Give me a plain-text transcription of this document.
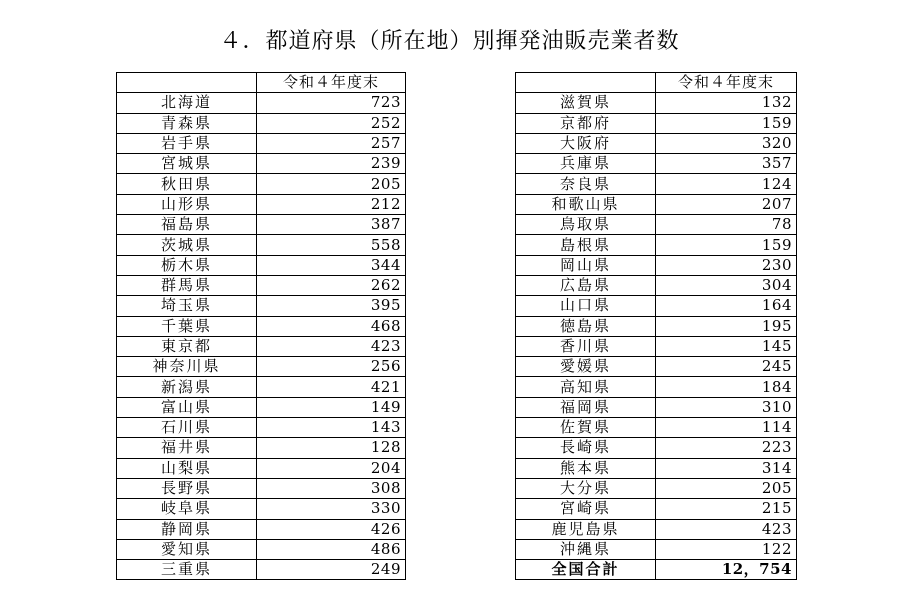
４．都道府県（所在地）別揮発油販売業者数
	令和４年度末
北海道	723
青森県	252
岩手県	257
宮城県	239
秋田県	205
山形県	212
福島県	387
茨城県	558
栃木県	344
群馬県	262
埼玉県	395
千葉県	468
東京都	423
神奈川県	256
新潟県	421
富山県	149
石川県	143
福井県	128
山梨県	204
長野県	308
岐阜県	330
静岡県	426
愛知県	486
三重県	249
	令和４年度末
滋賀県	132
京都府	159
大阪府	320
兵庫県	357
奈良県	124
和歌山県	207
鳥取県	78
島根県	159
岡山県	230
広島県	304
山口県	164
徳島県	195
香川県	145
愛媛県	245
高知県	184
福岡県	310
佐賀県	114
長崎県	223
熊本県	314
大分県	205
宮崎県	215
鹿児島県	423
沖縄県	122
全国合計	12，754
